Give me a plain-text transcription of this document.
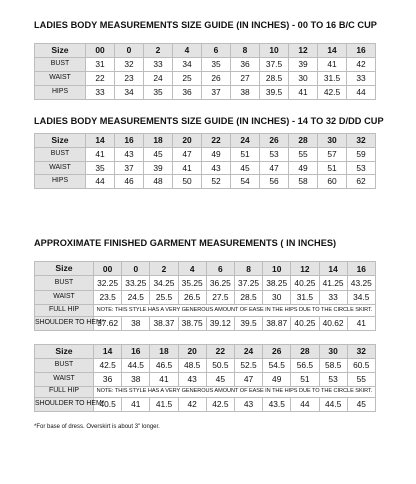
LADIES BODY MEASUREMENTS SIZE GUIDE (IN INCHES) - 00 TO 16 B/C CUP
Size	00	0	2	4	6	8	10	12	14	16
BUST	31	32	33	34	35	36	37.5	39	41	42
WAIST	22	23	24	25	26	27	28.5	30	31.5	33
HIPS	33	34	35	36	37	38	39.5	41	42.5	44
LADIES BODY MEASUREMENTS SIZE GUIDE (IN INCHES) - 14 TO 32 D/DD CUP
Size	14	16	18	20	22	24	26	28	30	32
BUST	41	43	45	47	49	51	53	55	57	59
WAIST	35	37	39	41	43	45	47	49	51	53
HIPS	44	46	48	50	52	54	56	58	60	62
APPROXIMATE FINISHED GARMENT MEASUREMENTS ( IN INCHES)
Size	00	0	2	4	6	8	10	12	14	16
BUST	32.25	33.25	34.25	35.25	36.25	37.25	38.25	40.25	41.25	43.25
WAIST	23.5	24.5	25.5	26.5	27.5	28.5	30	31.5	33	34.5
FULL HIP	NOTE: THIS STYLE HAS A VERY GENEROUS AMOUNT OF EASE IN THE HIPS DUE TO THE CIRCLE SKIRT.									
SHOULDER TO HEM*	37.62	38	38.37	38.75	39.12	39.5	38.87	40.25	40.62	41
Size	14	16	18	20	22	24	26	28	30	32
BUST	42.5	44.5	46.5	48.5	50.5	52.5	54.5	56.5	58.5	60.5
WAIST	36	38	41	43	45	47	49	51	53	55
FULL HIP	NOTE: THIS STYLE HAS A VERY GENEROUS AMOUNT OF EASE IN THE HIPS DUE TO THE CIRCLE SKIRT.									
SHOULDER TO HEM*	40.5	41	41.5	42	42.5	43	43.5	44	44.5	45
*For base of dress. Overskirt is about 3" longer.
